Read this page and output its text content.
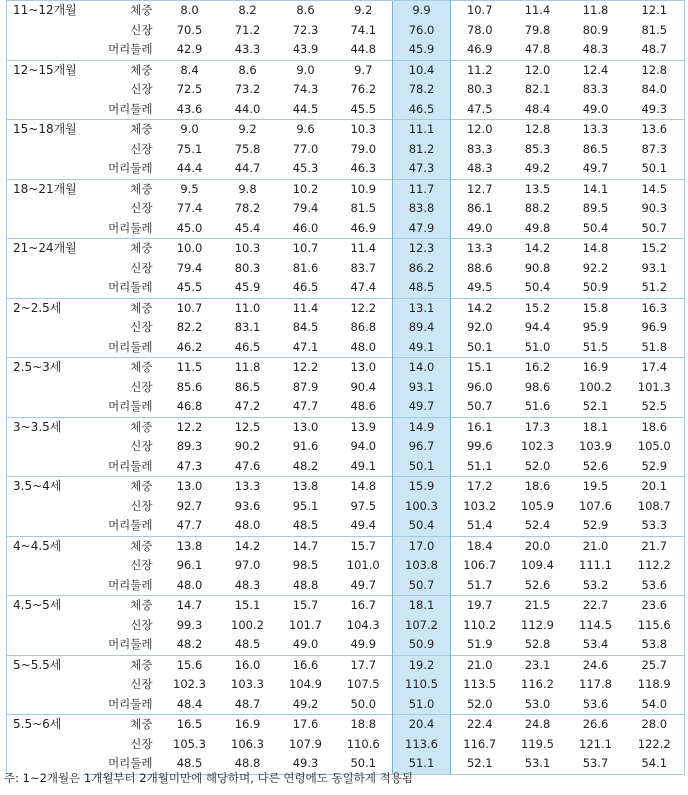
11~12개월	체중	8.0	8.2	8.6	9.2	9.9	10.7	11.4	11.8	12.1
	신장	70.5	71.2	72.3	74.1	76.0	78.0	79.8	80.9	81.5
	머리둘레	42.9	43.3	43.9	44.8	45.9	46.9	47.8	48.3	48.7
12~15개월	체중	8.4	8.6	9.0	9.7	10.4	11.2	12.0	12.4	12.8
	신장	72.5	73.2	74.3	76.2	78.2	80.3	82.1	83.3	84.0
	머리둘레	43.6	44.0	44.5	45.5	46.5	47.5	48.4	49.0	49.3
15~18개월	체중	9.0	9.2	9.6	10.3	11.1	12.0	12.8	13.3	13.6
	신장	75.1	75.8	77.0	79.0	81.2	83.3	85.3	86.5	87.3
	머리둘레	44.4	44.7	45.3	46.3	47.3	48.3	49.2	49.7	50.1
18~21개월	체중	9.5	9.8	10.2	10.9	11.7	12.7	13.5	14.1	14.5
	신장	77.4	78.2	79.4	81.5	83.8	86.1	88.2	89.5	90.3
	머리둘레	45.0	45.4	46.0	46.9	47.9	49.0	49.8	50.4	50.7
21~24개월	체중	10.0	10.3	10.7	11.4	12.3	13.3	14.2	14.8	15.2
	신장	79.4	80.3	81.6	83.7	86.2	88.6	90.8	92.2	93.1
	머리둘레	45.5	45.9	46.5	47.4	48.5	49.5	50.4	50.9	51.2
2~2.5세	체중	10.7	11.0	11.4	12.2	13.1	14.2	15.2	15.8	16.3
	신장	82.2	83.1	84.5	86.8	89.4	92.0	94.4	95.9	96.9
	머리둘레	46.2	46.5	47.1	48.0	49.1	50.1	51.0	51.5	51.8
2.5~3세	체중	11.5	11.8	12.2	13.0	14.0	15.1	16.2	16.9	17.4
	신장	85.6	86.5	87.9	90.4	93.1	96.0	98.6	100.2	101.3
	머리둘레	46.8	47.2	47.7	48.6	49.7	50.7	51.6	52.1	52.5
3~3.5세	체중	12.2	12.5	13.0	13.9	14.9	16.1	17.3	18.1	18.6
	신장	89.3	90.2	91.6	94.0	96.7	99.6	102.3	103.9	105.0
	머리둘레	47.3	47.6	48.2	49.1	50.1	51.1	52.0	52.6	52.9
3.5~4세	체중	13.0	13.3	13.8	14.8	15.9	17.2	18.6	19.5	20.1
	신장	92.7	93.6	95.1	97.5	100.3	103.2	105.9	107.6	108.7
	머리둘레	47.7	48.0	48.5	49.4	50.4	51.4	52.4	52.9	53.3
4~4.5세	체중	13.8	14.2	14.7	15.7	17.0	18.4	20.0	21.0	21.7
	신장	96.1	97.0	98.5	101.0	103.8	106.7	109.4	111.1	112.2
	머리둘레	48.0	48.3	48.8	49.7	50.7	51.7	52.6	53.2	53.6
4.5~5세	체중	14.7	15.1	15.7	16.7	18.1	19.7	21.5	22.7	23.6
	신장	99.3	100.2	101.7	104.3	107.2	110.2	112.9	114.5	115.6
	머리둘레	48.2	48.5	49.0	49.9	50.9	51.9	52.8	53.4	53.8
5~5.5세	체중	15.6	16.0	16.6	17.7	19.2	21.0	23.1	24.6	25.7
	신장	102.3	103.3	104.9	107.5	110.5	113.5	116.2	117.8	118.9
	머리둘레	48.4	48.7	49.2	50.0	51.0	52.0	53.0	53.6	54.0
5.5~6세	체중	16.5	16.9	17.6	18.8	20.4	22.4	24.8	26.6	28.0
	신장	105.3	106.3	107.9	110.6	113.6	116.7	119.5	121.1	122.2
	머리둘레	48.5	48.8	49.3	50.1	51.1	52.1	53.1	53.7	54.1
주: 1~2개월은 1개월부터 2개월미만에 해당하며, 다른 연령에도 동일하게 적용됨
